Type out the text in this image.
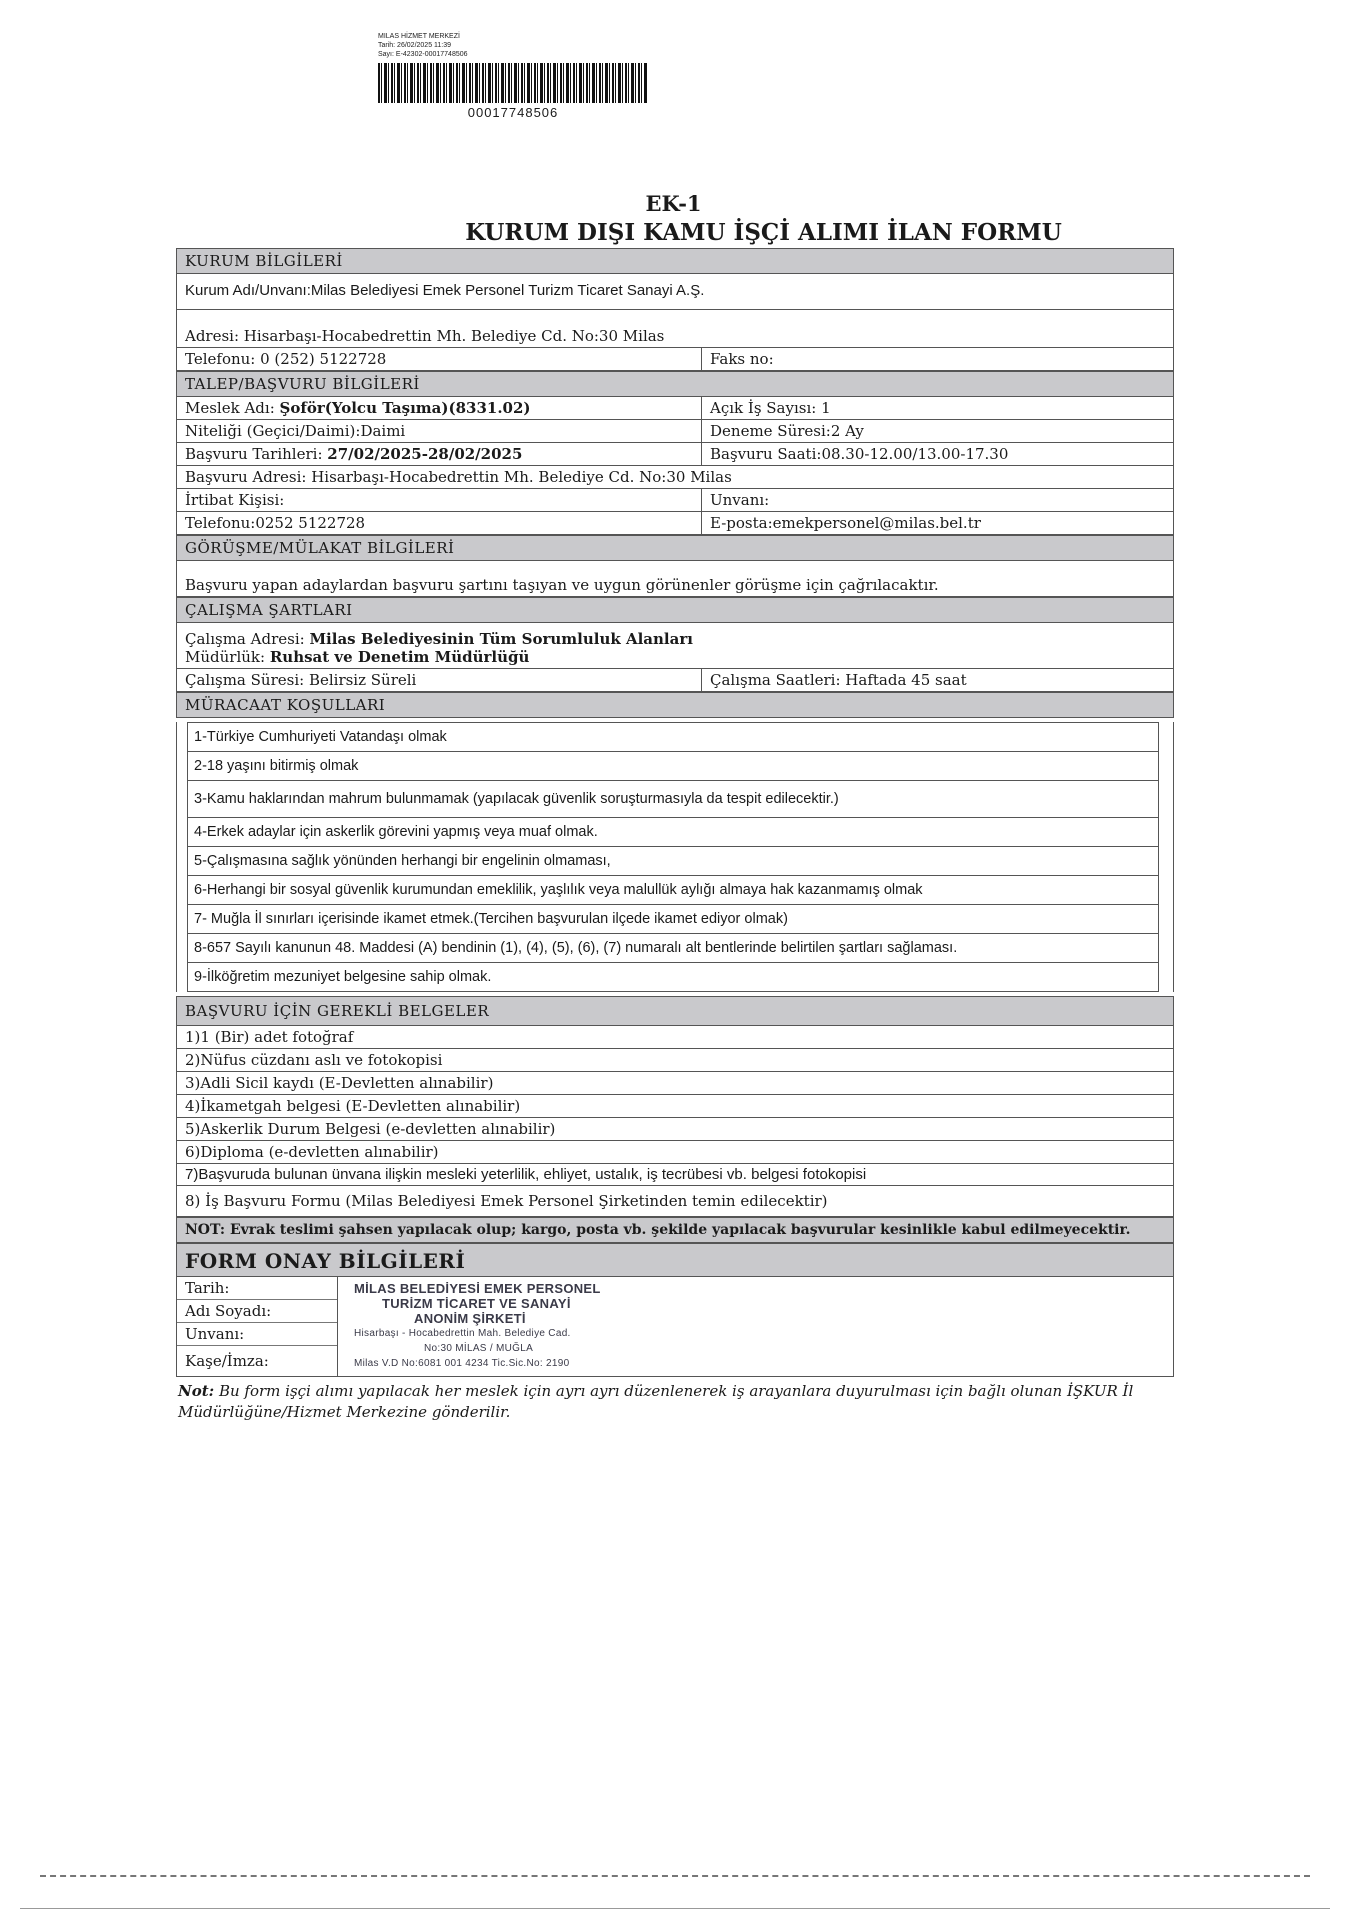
MILAS HİZMET MERKEZİ
Tarih: 26/02/2025 11:39
Sayı: E-42302-00017748506
00017748506
EK-1
KURUM DIŞI KAMU İŞÇİ ALIMI İLAN FORMU
KURUM BİLGİLERİ
Kurum Adı/Unvanı:Milas Belediyesi Emek Personel Turizm Ticaret Sanayi A.Ş.
Adresi: Hisarbaşı-Hocabedrettin Mh. Belediye Cd. No:30 Milas
Telefonu: 0 (252) 5122728	Faks no:
TALEP/BAŞVURU BİLGİLERİ
Meslek Adı: Şoför(Yolcu Taşıma)(8331.02)	Açık İş Sayısı: 1
Niteliği (Geçici/Daimi):Daimi	Deneme Süresi:2 Ay
Başvuru Tarihleri: 27/02/2025-28/02/2025	Başvuru Saati:08.30-12.00/13.00-17.30
Başvuru Adresi: Hisarbaşı-Hocabedrettin Mh. Belediye Cd. No:30 Milas
İrtibat Kişisi:	Unvanı:
Telefonu:0252 5122728	E-posta:emekpersonel@milas.bel.tr
GÖRÜŞME/MÜLAKAT BİLGİLERİ
Başvuru yapan adaylardan başvuru şartını taşıyan ve uygun görünenler görüşme için çağrılacaktır.
ÇALIŞMA ŞARTLARI
Çalışma Adresi: Milas Belediyesinin Tüm Sorumluluk Alanları
Müdürlük: Ruhsat ve Denetim Müdürlüğü
Çalışma Süresi: Belirsiz Süreli	Çalışma Saatleri: Haftada 45 saat
MÜRACAAT KOŞULLARI
1-Türkiye Cumhuriyeti Vatandaşı olmak
2-18 yaşını bitirmiş olmak
3-Kamu haklarından mahrum bulunmamak (yapılacak güvenlik soruşturmasıyla da tespit edilecektir.)
4-Erkek adaylar için askerlik görevini yapmış veya muaf olmak.
5-Çalışmasına sağlık yönünden herhangi bir engelinin olmaması,
6-Herhangi bir sosyal güvenlik kurumundan emeklilik, yaşlılık veya malullük aylığı almaya hak kazanmamış olmak
7- Muğla İl sınırları içerisinde ikamet etmek.(Tercihen başvurulan ilçede ikamet ediyor olmak)
8-657 Sayılı kanunun 48. Maddesi (A) bendinin (1), (4), (5), (6), (7) numaralı alt bentlerinde belirtilen şartları sağlaması.
9-İlköğretim mezuniyet belgesine sahip olmak.
BAŞVURU İÇİN GEREKLİ BELGELER
1)1 (Bir) adet fotoğraf
2)Nüfus cüzdanı aslı ve fotokopisi
3)Adli Sicil kaydı (E-Devletten alınabilir)
4)İkametgah belgesi (E-Devletten alınabilir)
5)Askerlik Durum Belgesi (e-devletten alınabilir)
6)Diploma (e-devletten alınabilir)
7)Başvuruda bulunan ünvana ilişkin mesleki yeterlilik, ehliyet, ustalık, iş tecrübesi vb. belgesi fotokopisi
8) İş Başvuru Formu (Milas Belediyesi Emek Personel Şirketinden temin edilecektir)
NOT: Evrak teslimi şahsen yapılacak olup; kargo, posta vb. şekilde yapılacak başvurular kesinlikle kabul edilmeyecektir.
FORM ONAY BİLGİLERİ
Tarih:
Adı Soyadı:
Unvanı:
Kaşe/İmza:
MİLAS BELEDİYESİ EMEK PERSONEL
TURİZM TİCARET VE SANAYİ
ANONİM ŞİRKETİ
Hisarbaşı - Hocabedrettin Mah. Belediye Cad.
No:30 MİLAS / MUĞLA
Milas V.D No:6081 001 4234 Tic.Sic.No: 2190
Not: Bu form işçi alımı yapılacak her meslek için ayrı ayrı düzenlenerek iş arayanlara duyurulması için bağlı olunan İŞKUR İl Müdürlüğüne/Hizmet Merkezine gönderilir.
